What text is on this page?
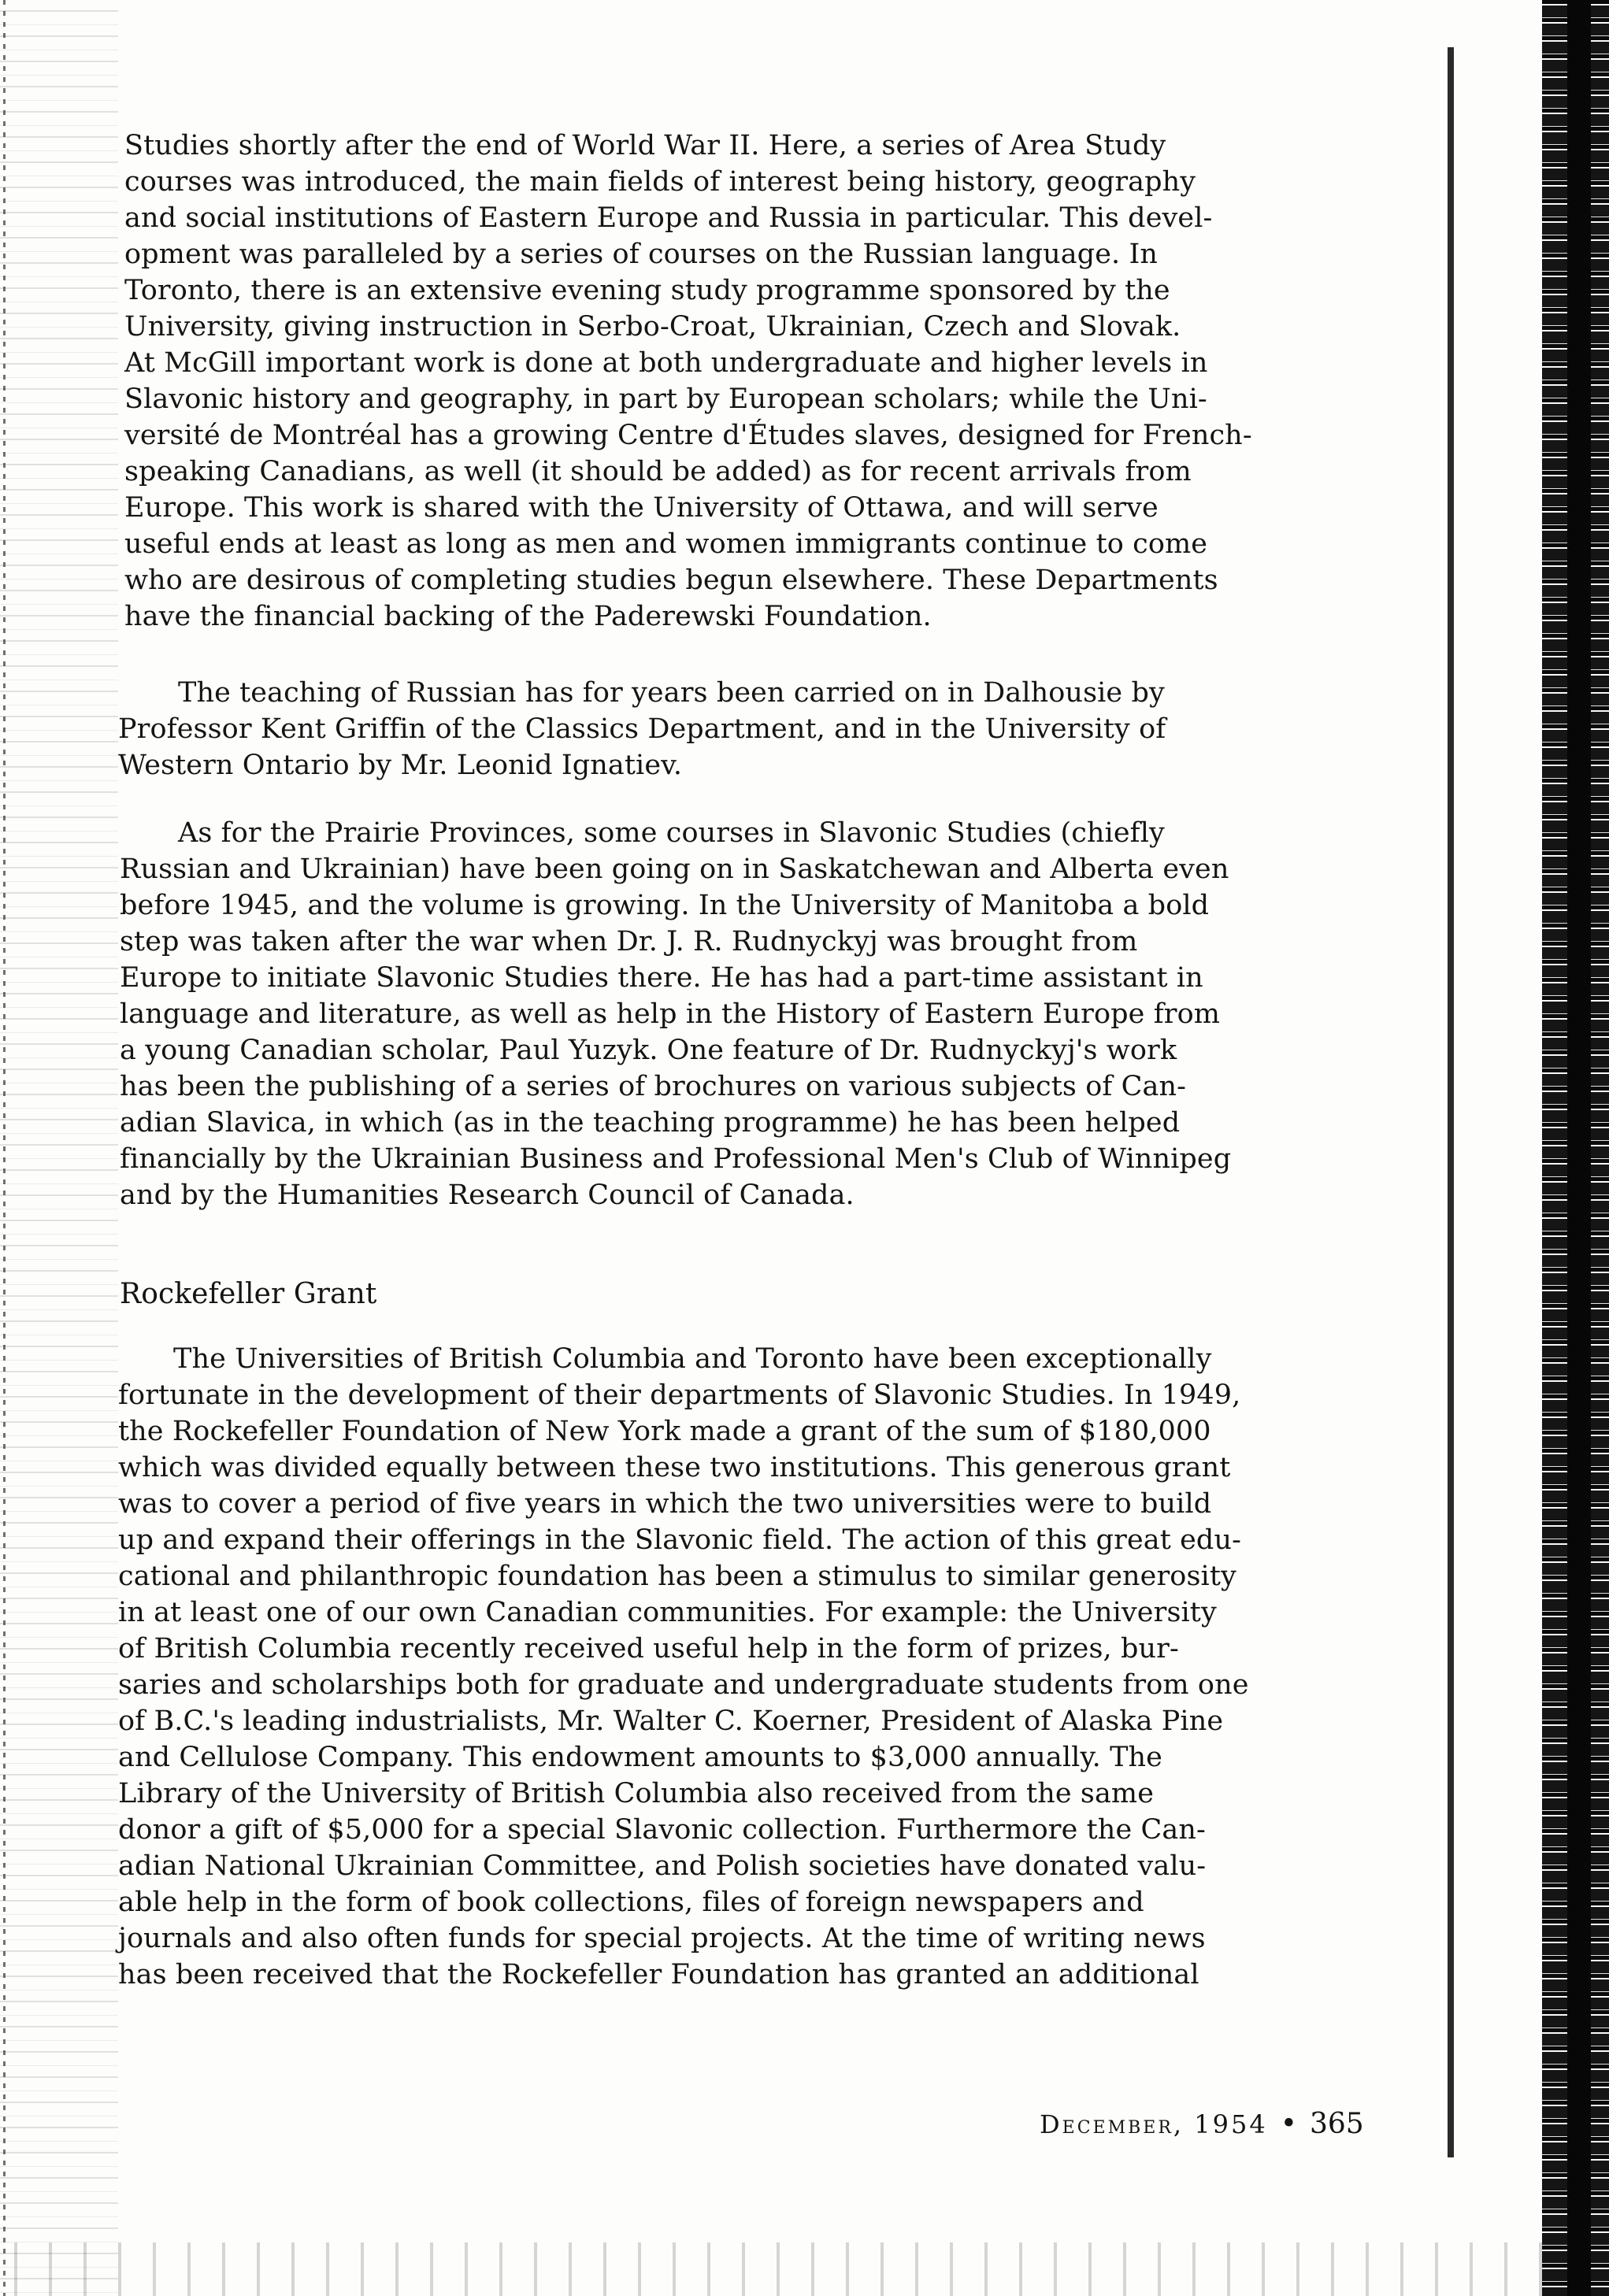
Studies shortly after the end of World War II. Here, a series of Area Study
courses was introduced, the main fields of interest being history, geography
and social institutions of Eastern Europe and Russia in particular. This devel-
opment was paralleled by a series of courses on the Russian language. In
Toronto, there is an extensive evening study programme sponsored by the
University, giving instruction in Serbo-Croat, Ukrainian, Czech and Slovak.
At McGill important work is done at both undergraduate and higher levels in
Slavonic history and geography, in part by European scholars; while the Uni-
versité de Montréal has a growing Centre d'Études slaves, designed for French-
speaking Canadians, as well (it should be added) as for recent arrivals from
Europe. This work is shared with the University of Ottawa, and will serve
useful ends at least as long as men and women immigrants continue to come
who are desirous of completing studies begun elsewhere. These Departments
have the financial backing of the Paderewski Foundation.
The teaching of Russian has for years been carried on in Dalhousie by
Professor Kent Griffin of the Classics Department, and in the University of
Western Ontario by Mr. Leonid Ignatiev.
As for the Prairie Provinces, some courses in Slavonic Studies (chiefly
Russian and Ukrainian) have been going on in Saskatchewan and Alberta even
before 1945, and the volume is growing. In the University of Manitoba a bold
step was taken after the war when Dr. J. R. Rudnyckyj was brought from
Europe to initiate Slavonic Studies there. He has had a part-time assistant in
language and literature, as well as help in the History of Eastern Europe from
a young Canadian scholar, Paul Yuzyk. One feature of Dr. Rudnyckyj's work
has been the publishing of a series of brochures on various subjects of Can-
adian Slavica, in which (as in the teaching programme) he has been helped
financially by the Ukrainian Business and Professional Men's Club of Winnipeg
and by the Humanities Research Council of Canada.
Rockefeller Grant
The Universities of British Columbia and Toronto have been exceptionally
fortunate in the development of their departments of Slavonic Studies. In 1949,
the Rockefeller Foundation of New York made a grant of the sum of $180,000
which was divided equally between these two institutions. This generous grant
was to cover a period of five years in which the two universities were to build
up and expand their offerings in the Slavonic field. The action of this great edu-
cational and philanthropic foundation has been a stimulus to similar generosity
in at least one of our own Canadian communities. For example: the University
of British Columbia recently received useful help in the form of prizes, bur-
saries and scholarships both for graduate and undergraduate students from one
of B.C.'s leading industrialists, Mr. Walter C. Koerner, President of Alaska Pine
and Cellulose Company. This endowment amounts to $3,000 annually. The
Library of the University of British Columbia also received from the same
donor a gift of $5,000 for a special Slavonic collection. Furthermore the Can-
adian National Ukrainian Committee, and Polish societies have donated valu-
able help in the form of book collections, files of foreign newspapers and
journals and also often funds for special projects. At the time of writing news
has been received that the Rockefeller Foundation has granted an additional
December, 1954 • 365
